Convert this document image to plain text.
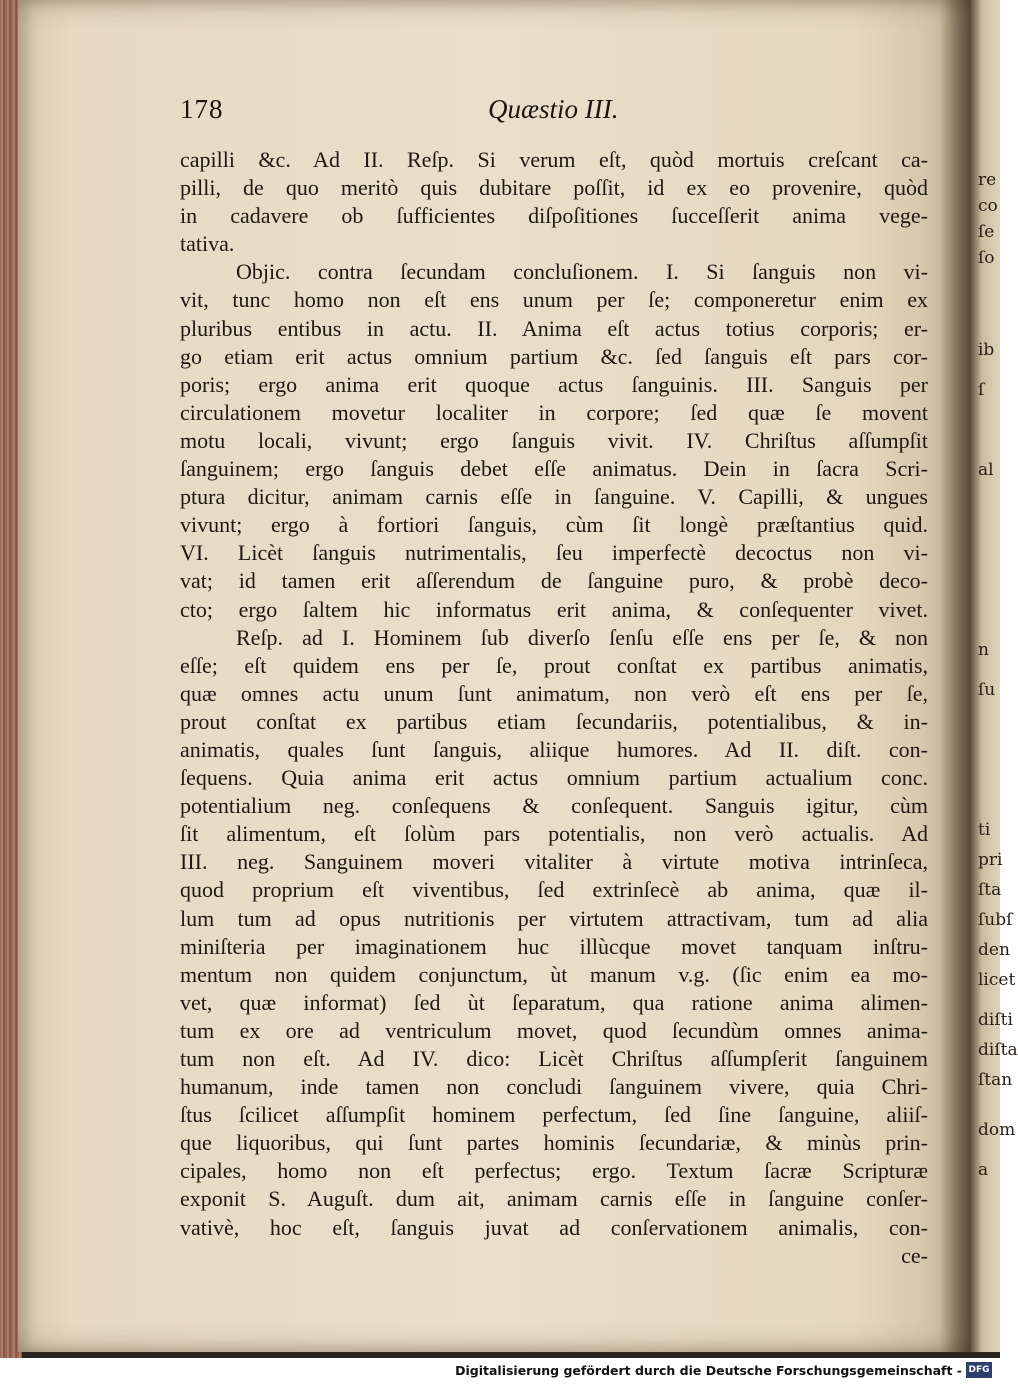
re
co
ſe
ſo
ib
ſ
al
n
ſu
ti
pri
ſta
ſubſ
den
licet
diſti
diſta
ſtan
dom
a
178	Quæstio III.
capilli &c. Ad II. Reſp. Si verum eſt, quòd mortuis creſcant ca-
pilli, de quo meritò quis dubitare poſſit, id ex eo provenire, quòd
in cadavere ob ſufficientes diſpoſitiones ſucceſſerit anima vege-
tativa.
Objic. contra ſecundam concluſionem. I. Si ſanguis non vi-
vit, tunc homo non eſt ens unum per ſe; componeretur enim ex
pluribus entibus in actu. II. Anima eſt actus totius corporis; er-
go etiam erit actus omnium partium &c. ſed ſanguis eſt pars cor-
poris; ergo anima erit quoque actus ſanguinis. III. Sanguis per
circulationem movetur localiter in corpore; ſed quæ ſe movent
motu locali, vivunt; ergo ſanguis vivit. IV. Chriſtus aſſumpſit
ſanguinem; ergo ſanguis debet eſſe animatus. Dein in ſacra Scri-
ptura dicitur, animam carnis eſſe in ſanguine. V. Capilli, & ungues
vivunt; ergo à fortiori ſanguis, cùm ſit longè præſtantius quid.
VI. Licèt ſanguis nutrimentalis, ſeu imperfectè decoctus non vi-
vat; id tamen erit aſſerendum de ſanguine puro, & probè deco-
cto; ergo ſaltem hic informatus erit anima, & conſequenter vivet.
Reſp. ad I. Hominem ſub diverſo ſenſu eſſe ens per ſe, & non
eſſe; eſt quidem ens per ſe, prout conſtat ex partibus animatis,
quæ omnes actu unum ſunt animatum, non verò eſt ens per ſe,
prout conſtat ex partibus etiam ſecundariis, potentialibus, & in-
animatis, quales ſunt ſanguis, aliique humores. Ad II. diſt. con-
ſequens. Quia anima erit actus omnium partium actualium conc.
potentialium neg. conſequens & conſequent. Sanguis igitur, cùm
ſit alimentum, eſt ſolùm pars potentialis, non verò actualis. Ad
III. neg. Sanguinem moveri vitaliter à virtute motiva intrinſeca,
quod proprium eſt viventibus, ſed extrinſecè ab anima, quæ il-
lum tum ad opus nutritionis per virtutem attractivam, tum ad alia
miniſteria per imaginationem huc illùcque movet tanquam inſtru-
mentum non quidem conjunctum, ùt manum v.g. (ſic enim ea mo-
vet, quæ informat) ſed ùt ſeparatum, qua ratione anima alimen-
tum ex ore ad ventriculum movet, quod ſecundùm omnes anima-
tum non eſt. Ad IV. dico: Licèt Chriſtus aſſumpſerit ſanguinem
humanum, inde tamen non concludi ſanguinem vivere, quia Chri-
ſtus ſcilicet aſſumpſit hominem perfectum, ſed ſine ſanguine, aliiſ-
que liquoribus, qui ſunt partes hominis ſecundariæ, & minùs prin-
cipales, homo non eſt perfectus; ergo. Textum ſacræ Scripturæ
exponit S. Auguſt. dum ait, animam carnis eſſe in ſanguine conſer-
vativè, hoc eſt, ſanguis juvat ad conſervationem animalis, con-
ce-
Digitalisierung gefördert durch die Deutsche Forschungsgemeinschaft - DFG
